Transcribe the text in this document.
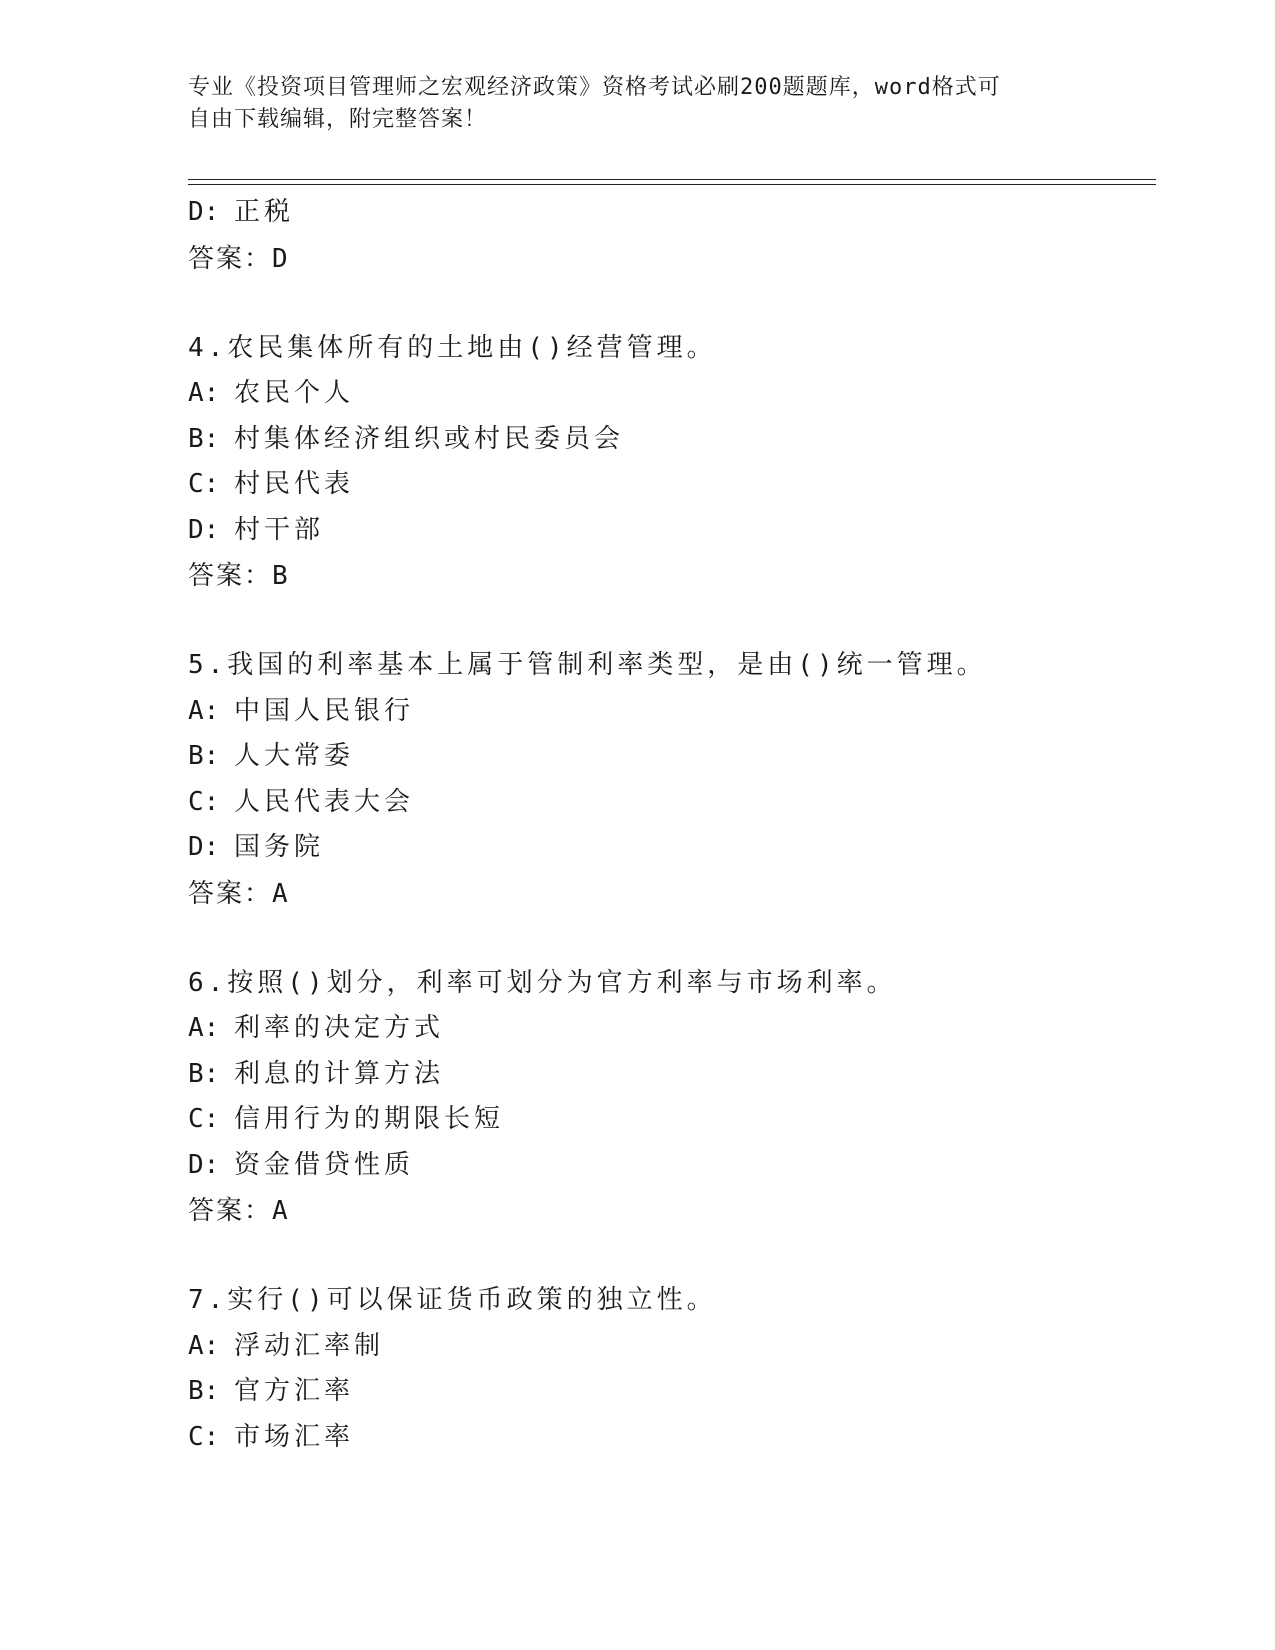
专业《投资项目管理师之宏观经济政策》资格考试必刷200题题库，word格式可
自由下载编辑，附完整答案！
D: 正税
答案：D
4.农民集体所有的土地由()经营管理。
A: 农民个人
B: 村集体经济组织或村民委员会
C: 村民代表
D: 村干部
答案：B
5.我国的利率基本上属于管制利率类型，是由()统一管理。
A: 中国人民银行
B: 人大常委
C: 人民代表大会
D: 国务院
答案：A
6.按照()划分，利率可划分为官方利率与市场利率。
A: 利率的决定方式
B: 利息的计算方法
C: 信用行为的期限长短
D: 资金借贷性质
答案：A
7.实行()可以保证货币政策的独立性。
A: 浮动汇率制
B: 官方汇率
C: 市场汇率
